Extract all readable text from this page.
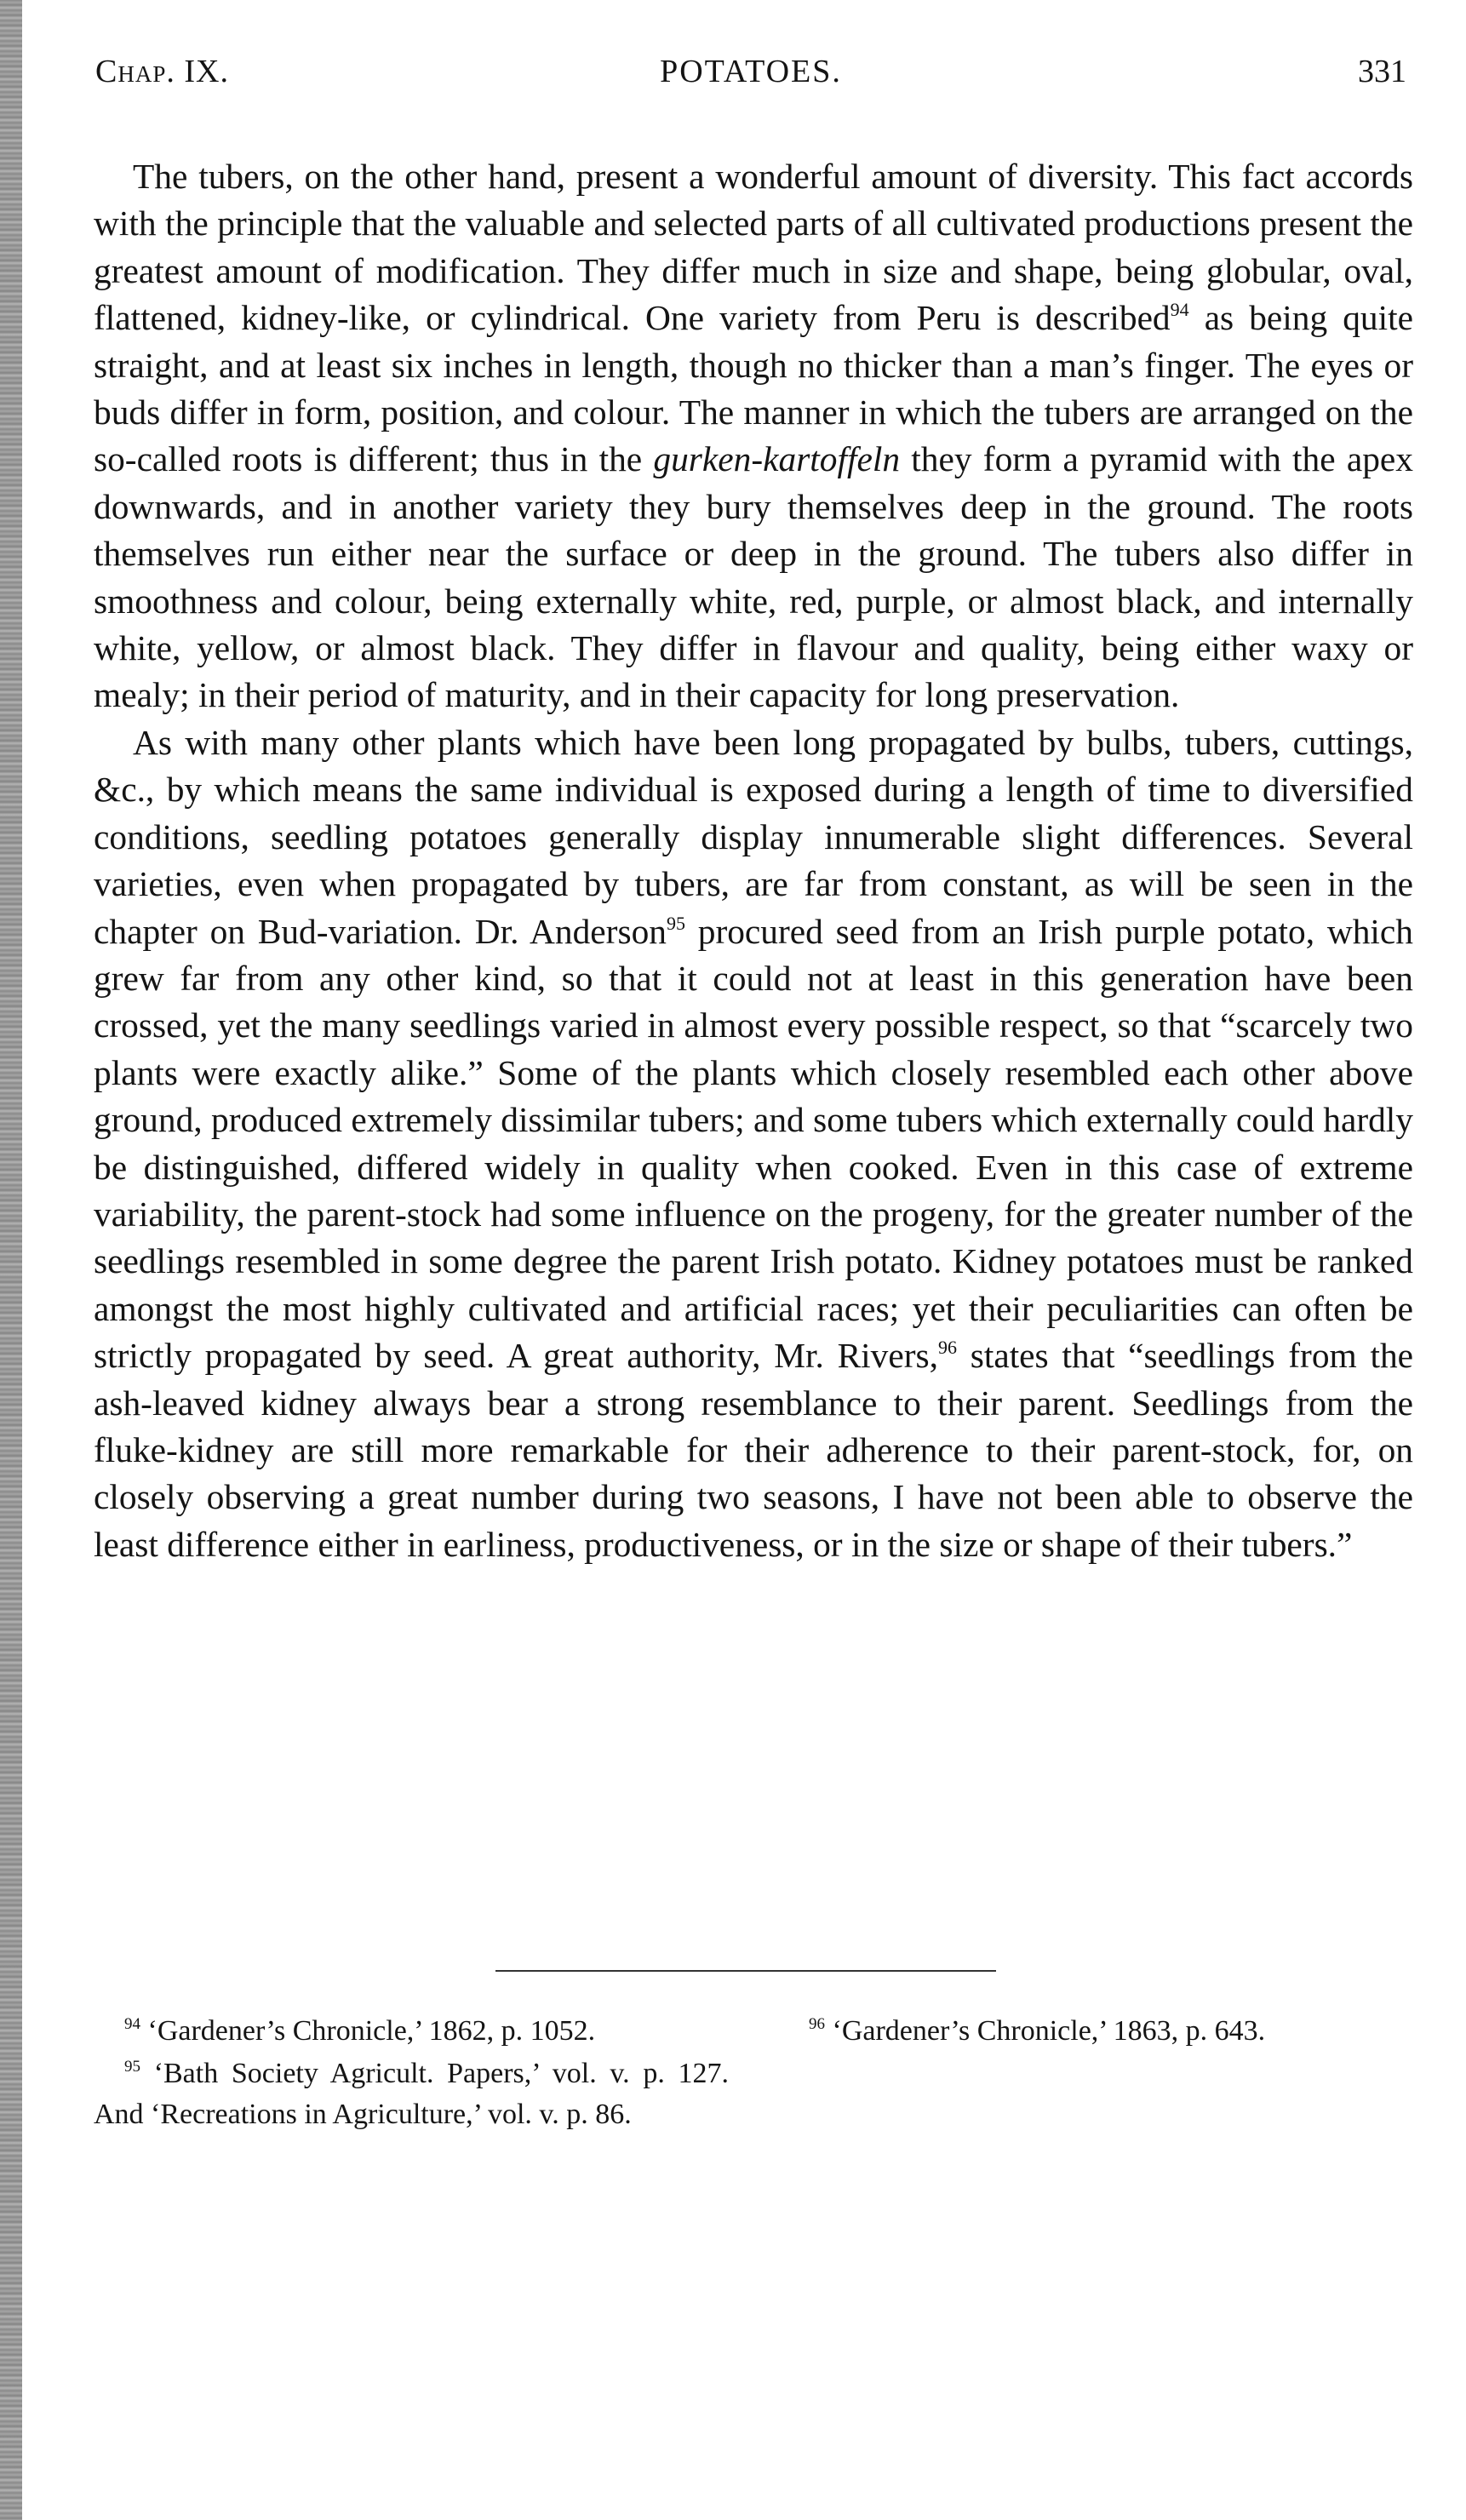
Chap. IX.	POTATOES.	331

The tubers, on the other hand, present a wonderful amount of diversity. This fact accords with the principle that the valuable and selected parts of all cultivated productions present the greatest amount of modification. They differ much in size and shape, being globular, oval, flattened, kidney-like, or cylindrical. One variety from Peru is described$^{94}$ as being quite straight, and at least six inches in length, though no thicker than a man’s finger. The eyes or buds differ in form, position, and colour. The manner in which the tubers are arranged on the so-called roots is different; thus in the gurken-kartoffeln they form a pyramid with the apex downwards, and in another variety they bury themselves deep in the ground. The roots themselves run either near the surface or deep in the ground. The tubers also differ in smoothness and colour, being externally white, red, purple, or almost black, and internally white, yellow, or almost black. They differ in flavour and quality, being either waxy or mealy; in their period of maturity, and in their capacity for long preservation.

As with many other plants which have been long propagated by bulbs, tubers, cuttings, &c., by which means the same individual is exposed during a length of time to diversified conditions, seedling potatoes generally display innumerable slight differences. Several varieties, even when propagated by tubers, are far from constant, as will be seen in the chapter on Bud-variation. Dr. Anderson$^{95}$ procured seed from an Irish purple potato, which grew far from any other kind, so that it could not at least in this generation have been crossed, yet the many seedlings varied in almost every possible respect, so that “scarcely two plants were exactly alike.” Some of the plants which closely resembled each other above ground, produced extremely dissimilar tubers; and some tubers which externally could hardly be distinguished, differed widely in quality when cooked. Even in this case of extreme variability, the parent-stock had some influence on the progeny, for the greater number of the seedlings resembled in some degree the parent Irish potato. Kidney potatoes must be ranked amongst the most highly cultivated and artificial races; yet their peculiarities can often be strictly propagated by seed. A great authority, Mr. Rivers,$^{96}$ states that “seedlings from the ash-leaved kidney always bear a strong resemblance to their parent. Seedlings from the fluke-kidney are still more remarkable for their adherence to their parent-stock, for, on closely observing a great number during two seasons, I have not been able to observe the least difference either in earliness, productiveness, or in the size or shape of their tubers.”

$^{94}$ ‘Gardener’s Chronicle,’ 1862, p. 1052.

$^{95}$ ‘Bath Society Agricult. Papers,’ vol. v. p. 127. And ‘Recreations in Agriculture,’ vol. v. p. 86.

$^{96}$ ‘Gardener’s Chronicle,’ 1863, p. 643.
